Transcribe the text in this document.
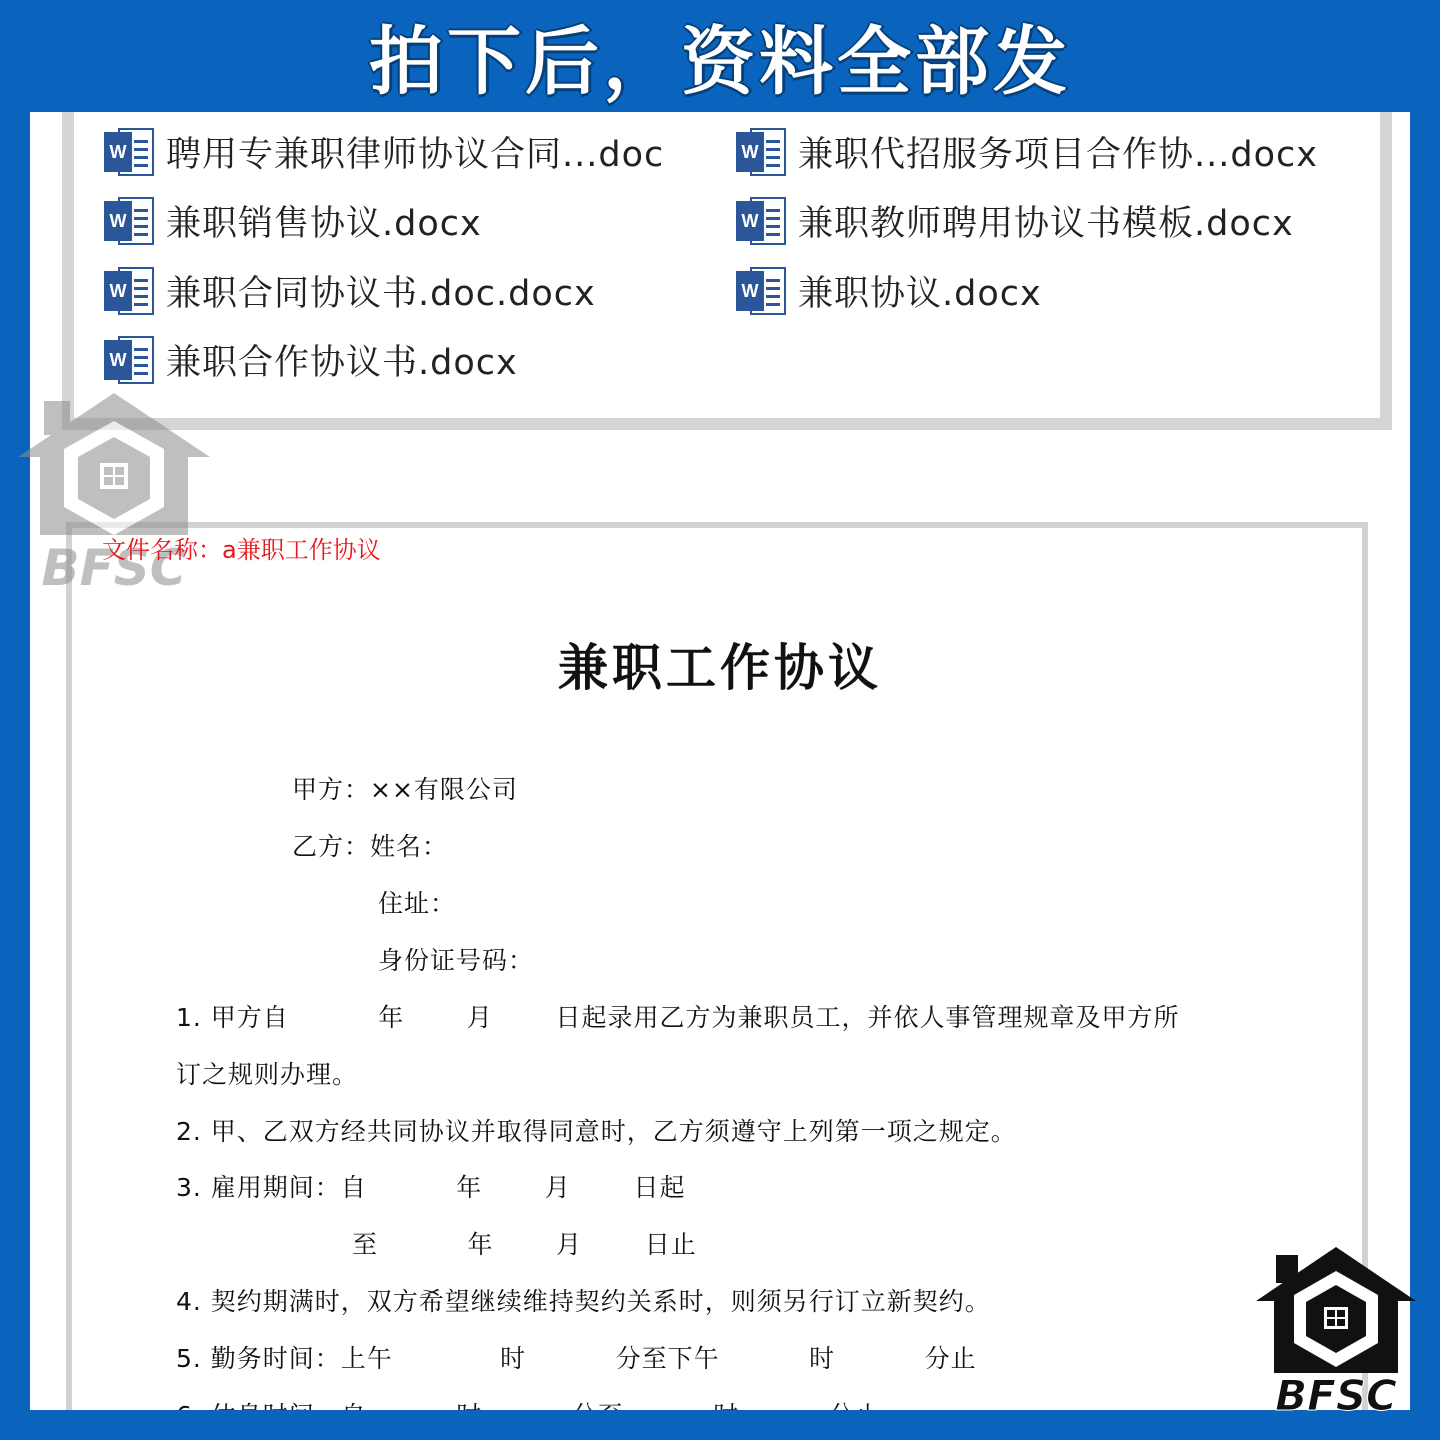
拍下后，资料全部发
W 聘用专兼职律师协议合同...doc	W 兼职代招服务项目合作协...docx
W 兼职销售协议.docx	W 兼职教师聘用协议书模板.docx
W 兼职合同协议书.doc.docx	W 兼职协议.docx
W 兼职合作协议书.docx
BFSC
文件名称：a兼职工作协议
兼职工作协议
甲方：××有限公司
乙方：姓名：
住址：
身份证号码：
1. 甲方自          年       月       日起录用乙方为兼职员工，并依人事管理规章及甲方所
订之规则办理。
2. 甲、乙双方经共同协议并取得同意时，乙方须遵守上列第一项之规定。
3. 雇用期间：自          年       月       日起
至          年       月       日止
4. 契约期满时，双方希望继续维持契约关系时，则须另行订立新契约。
5. 勤务时间：上午            时          分至下午          时          分止
BFSC
